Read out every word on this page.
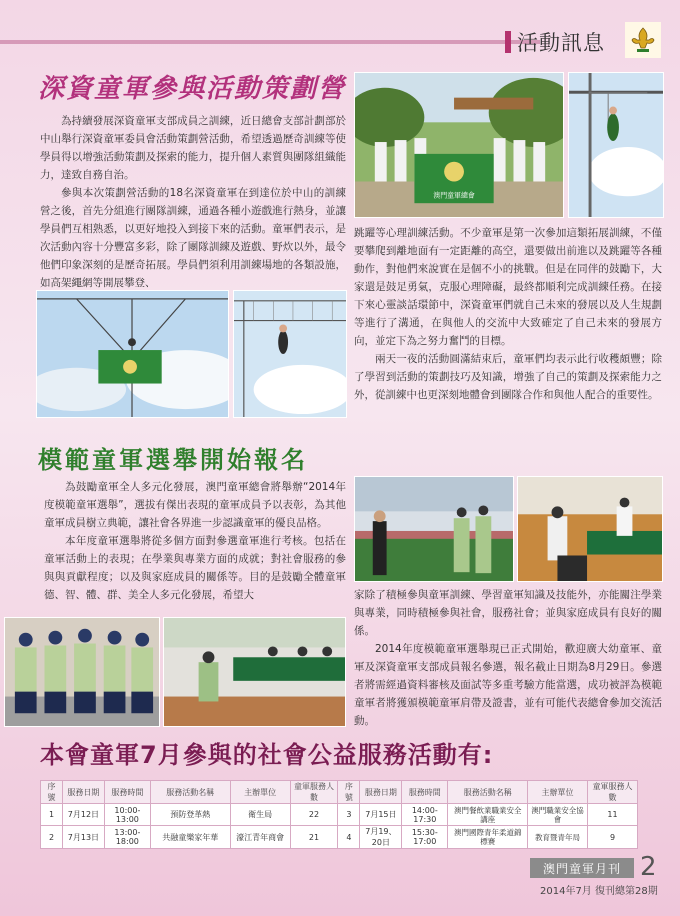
活動訊息
深資童軍參與活動策劃營

為持續發展深資童軍支部成員之訓練，近日總會支部計劃部於中山舉行深資童軍委員會活動策劃營活動，希望透過歷奇訓練等使學員得以增強活動策劃及探索的能力，提升個人素質與團隊組織能力，達致自務自治。

參與本次策劃營活動的18名深資童軍在到達位於中山的訓練營之後，首先分組進行團隊訓練，通過各種小遊戲進行熱身，並讓學員們互相熟悉，以更好地投入到接下來的活動。童軍們表示，是次活動內容十分豐富多彩，除了團隊訓練及遊戲、野炊以外，最令他們印象深刻的是歷奇拓展。學員們須利用訓練場地的各類設施，如高架繩網等開展攀登、

澳門童軍總會

跳躍等心理訓練活動。不少童軍是第一次參加這類拓展訓練，不僅要攀爬到離地面有一定距離的高空，還要做出前進以及跳躍等各種動作，對他們來說實在是個不小的挑戰。但是在同伴的鼓勵下，大家還是鼓足勇氣，克服心理障礙，最終都順利完成訓練任務。在接下來心靈談話環節中，深資童軍們就自己未來的發展以及人生規劃等進行了溝通，在與他人的交流中大致確定了自己未來的發展方向，並定下為之努力奮鬥的目標。

兩天一夜的活動圓滿結束后，童軍們均表示此行收穫頗豐；除了學習到活動的策劃技巧及知識，增強了自己的策劃及探索能力之外，從訓練中也更深刻地體會到團隊合作和與他人配合的重要性。

模範童軍選舉開始報名

為鼓勵童軍全人多元化發展，澳門童軍總會將舉辦“2014年度模範童軍選舉”，選拔有傑出表現的童軍成員予以表彰，為其他童軍成員樹立典範，讓社會各界進一步認識童軍的優良品格。

本年度童軍選舉將從多個方面對參選童軍進行考核。包括在童軍活動上的表現；在學業與專業方面的成就；對社會服務的參與與貢獻程度；以及與家庭成員的關係等。目的是鼓勵全體童軍德、智、體、群、美全人多元化發展，希望大	家除了積極參與童軍訓練、學習童軍知識及技能外，亦能關注學業與專業，同時積極參與社會，服務社會；並與家庭成員有良好的關係。

2014年度模範童軍選舉現已正式開始，歡迎廣大幼童軍、童軍及深資童軍支部成員報名參選，報名截止日期為8月29日。參選者將需經過資料審核及面試等多重考驗方能當選，成功被評為模範童軍者將獲頒模範童軍肩帶及證書，並有可能代表總會參加交流活動。

本會童軍7月參與的社會公益服務活動有:
序 號	服務日期	服務時間	服務活動名稱	主辦單位	童軍服務人數	序 號	服務日期	服務時間	服務活動名稱	主辦單位	童軍服務人數
1	7月12日	10:00-13:00	預防登革熱	衛生局	22	3	7月15日	14:00-17:30	澳門餐飲業職業安全講座	澳門職業安全協會	11
2	7月13日	13:00-18:00	共融童樂家年華	濠江青年商會	21	4	7月19、20日	15:30-17:00	澳門國際青年柔道錦標賽	教育暨青年局	9
澳門童軍月刊 2
2014年7月 復刊總第28期
